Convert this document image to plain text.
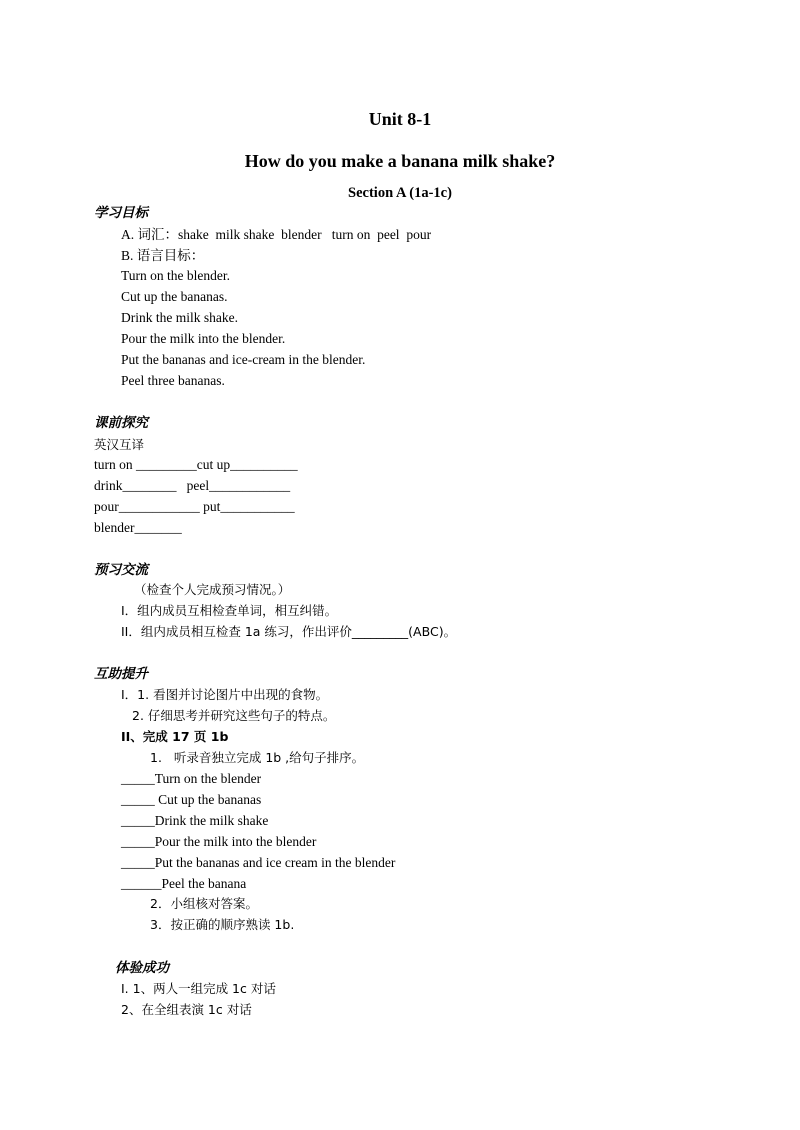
Unit 8-1
How do you make a banana milk shake?
Section A (1a-1c)
学习目标
A. 词汇：shake  milk shake  blender   turn on  peel  pour
B. 语言目标：
Turn on the blender.
Cut up the bananas.
Drink the milk shake.
Pour the milk into the blender.
Put the bananas and ice-cream in the blender.
Peel three bananas.
课前探究
英汉互译
turn on _________cut up__________
drink________   peel____________
pour____________ put___________
blender_______
预习交流
（检查个人完成预习情况。）
I．组内成员互相检查单词，相互纠错。
II．组内成员相互检查 1a 练习，作出评价_________(ABC)。
互助提升
I．1. 看图并讨论图片中出现的食物。
2. 仔细思考并研究这些句子的特点。
II、完成 17 页 1b
1.   听录音独立完成 1b ,给句子排序。
_____Turn on the blender
_____ Cut up the bananas
_____Drink the milk shake
_____Pour the milk into the blender
_____Put the bananas and ice cream in the blender
______Peel the banana
2．小组核对答案。
3．按正确的顺序熟读 1b.
体验成功
I. 1、两人一组完成 1c 对话
2、在全组表演 1c 对话
